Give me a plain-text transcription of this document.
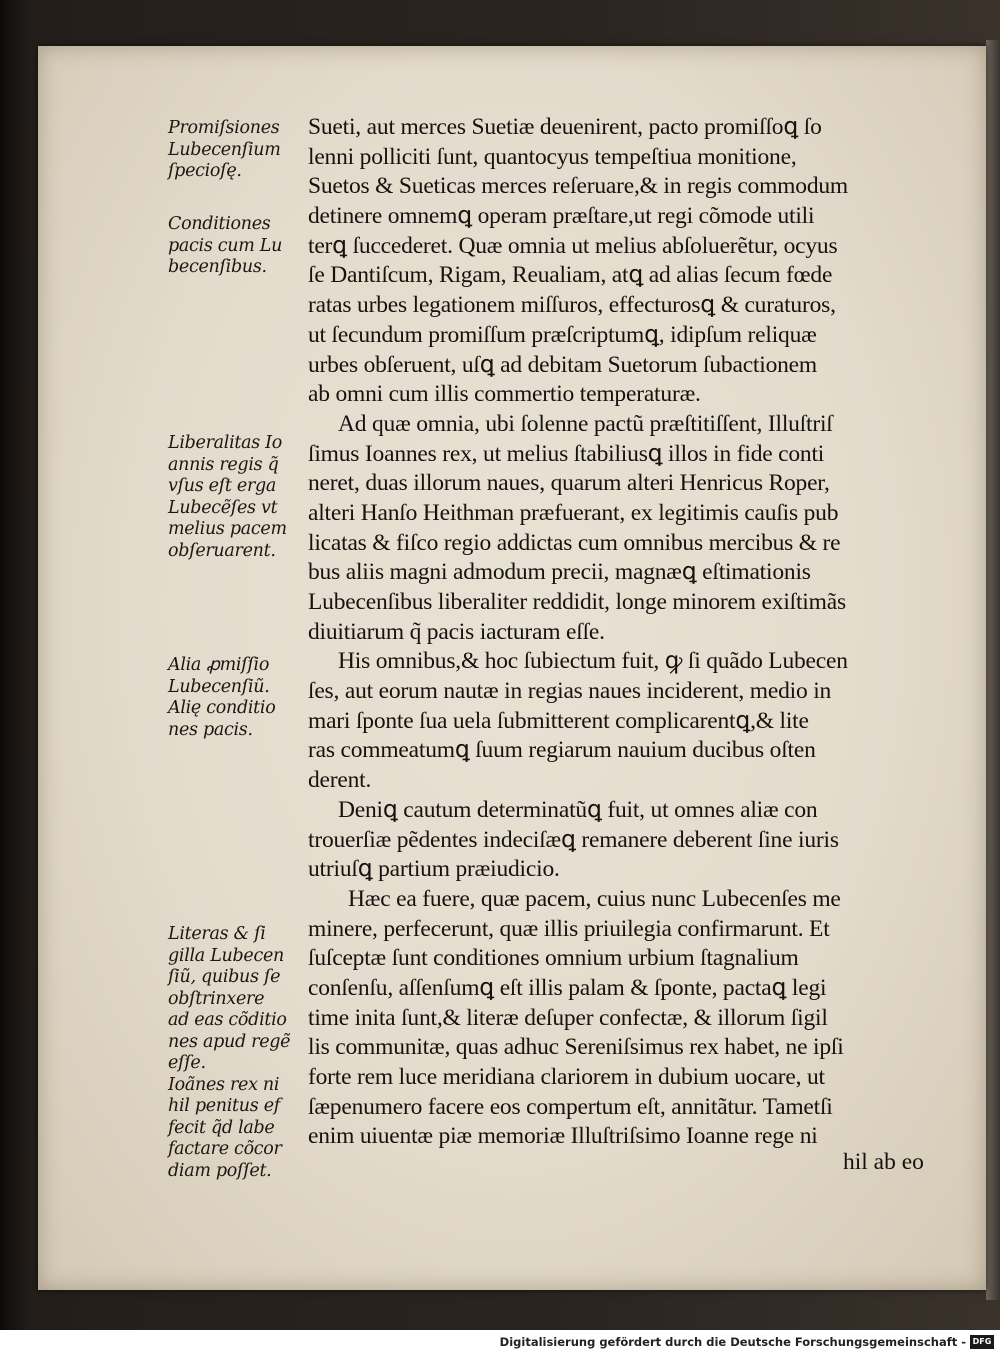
Promiſsiones
Lubecenſium
ſpecioſę.
Conditiones
pacis cum Lu
becenſibus.
Liberalitas Io
annis regis q̃
vſus eſt erga
Lubecẽſes vt
melius pacem
obſeruarent.
Alia ꝓmiſſio
Lubecenſiũ.
Alię conditio
nes pacis.
Literas & ſi
gilla Lubecen
ſiũ, quibus ſe
obſtrinxere
ad eas cõditio
nes apud regẽ
eſſe.
Ioãnes rex ni
hil penitus ef
fecit q̃d labe
factare cõcor
diam poſſet.
Sueti, aut merces Suetiæ deuenirent, pacto promiſſoꝗ ſo
lenni polliciti ſunt, quantocyus tempeſtiua monitione,
Suetos & Sueticas merces reſeruare,& in regis commodum
detinere omnemꝗ operam præſtare,ut regi cõmode utili
terꝗ ſuccederet. Quæ omnia ut melius abſoluerẽtur, ocyus
ſe Dantiſcum, Rigam, Reualiam, atꝗ ad alias ſecum fœde
ratas urbes legationem miſſuros, effecturosꝗ & curaturos,
ut ſecundum promiſſum præſcriptumꝗ, idipſum reliquæ
urbes obſeruent, uſꝗ ad debitam Suetorum ſubactionem
ab omni cum illis commertio temperaturæ.
Ad quæ omnia, ubi ſolenne pactũ præſtitiſſent, Illuſtriſ
ſimus Ioannes rex, ut melius ſtabiliusꝗ illos in fide conti
neret, duas illorum naues, quarum alteri Henricus Roper,
alteri Hanſo Heithman præfuerant, ex legitimis cauſis pub
licatas & fiſco regio addictas cum omnibus mercibus & re
bus aliis magni admodum precii, magnæꝗ eſtimationis
Lubecenſibus liberaliter reddidit, longe minorem exiſtimãs
diuitiarum q̃ pacis iacturam eſſe.
His omnibus,& hoc ſubiectum fuit, ꝙ ſi quãdo Lubecen
ſes, aut eorum nautæ in regias naues inciderent, medio in
mari ſponte ſua uela ſubmitterent complicarentꝗ,& lite
ras commeatumꝗ ſuum regiarum nauium ducibus oſten
derent.
Deniꝗ cautum determinatũꝗ fuit, ut omnes aliæ con
trouerſiæ pẽdentes indeciſæꝗ remanere deberent ſine iuris
utriuſꝗ partium præiudicio.
Hæc ea fuere, quæ pacem, cuius nunc Lubecenſes me
minere, perfecerunt, quæ illis priuilegia confirmarunt. Et
ſuſceptæ ſunt conditiones omnium urbium ſtagnalium
conſenſu, aſſenſumꝗ eſt illis palam & ſponte, pactaꝗ legi
time inita ſunt,& literæ deſuper confectæ, & illorum ſigil
lis communitæ, quas adhuc Sereniſsimus rex habet, ne ipſi
forte rem luce meridiana clariorem in dubium uocare, ut
ſæpenumero facere eos compertum eſt, annitãtur. Tametſi
enim uiuentæ piæ memoriæ Illuſtriſsimo Ioanne rege ni
hil ab eo
Digitalisierung gefördert durch die Deutsche Forschungsgemeinschaft - DFG
